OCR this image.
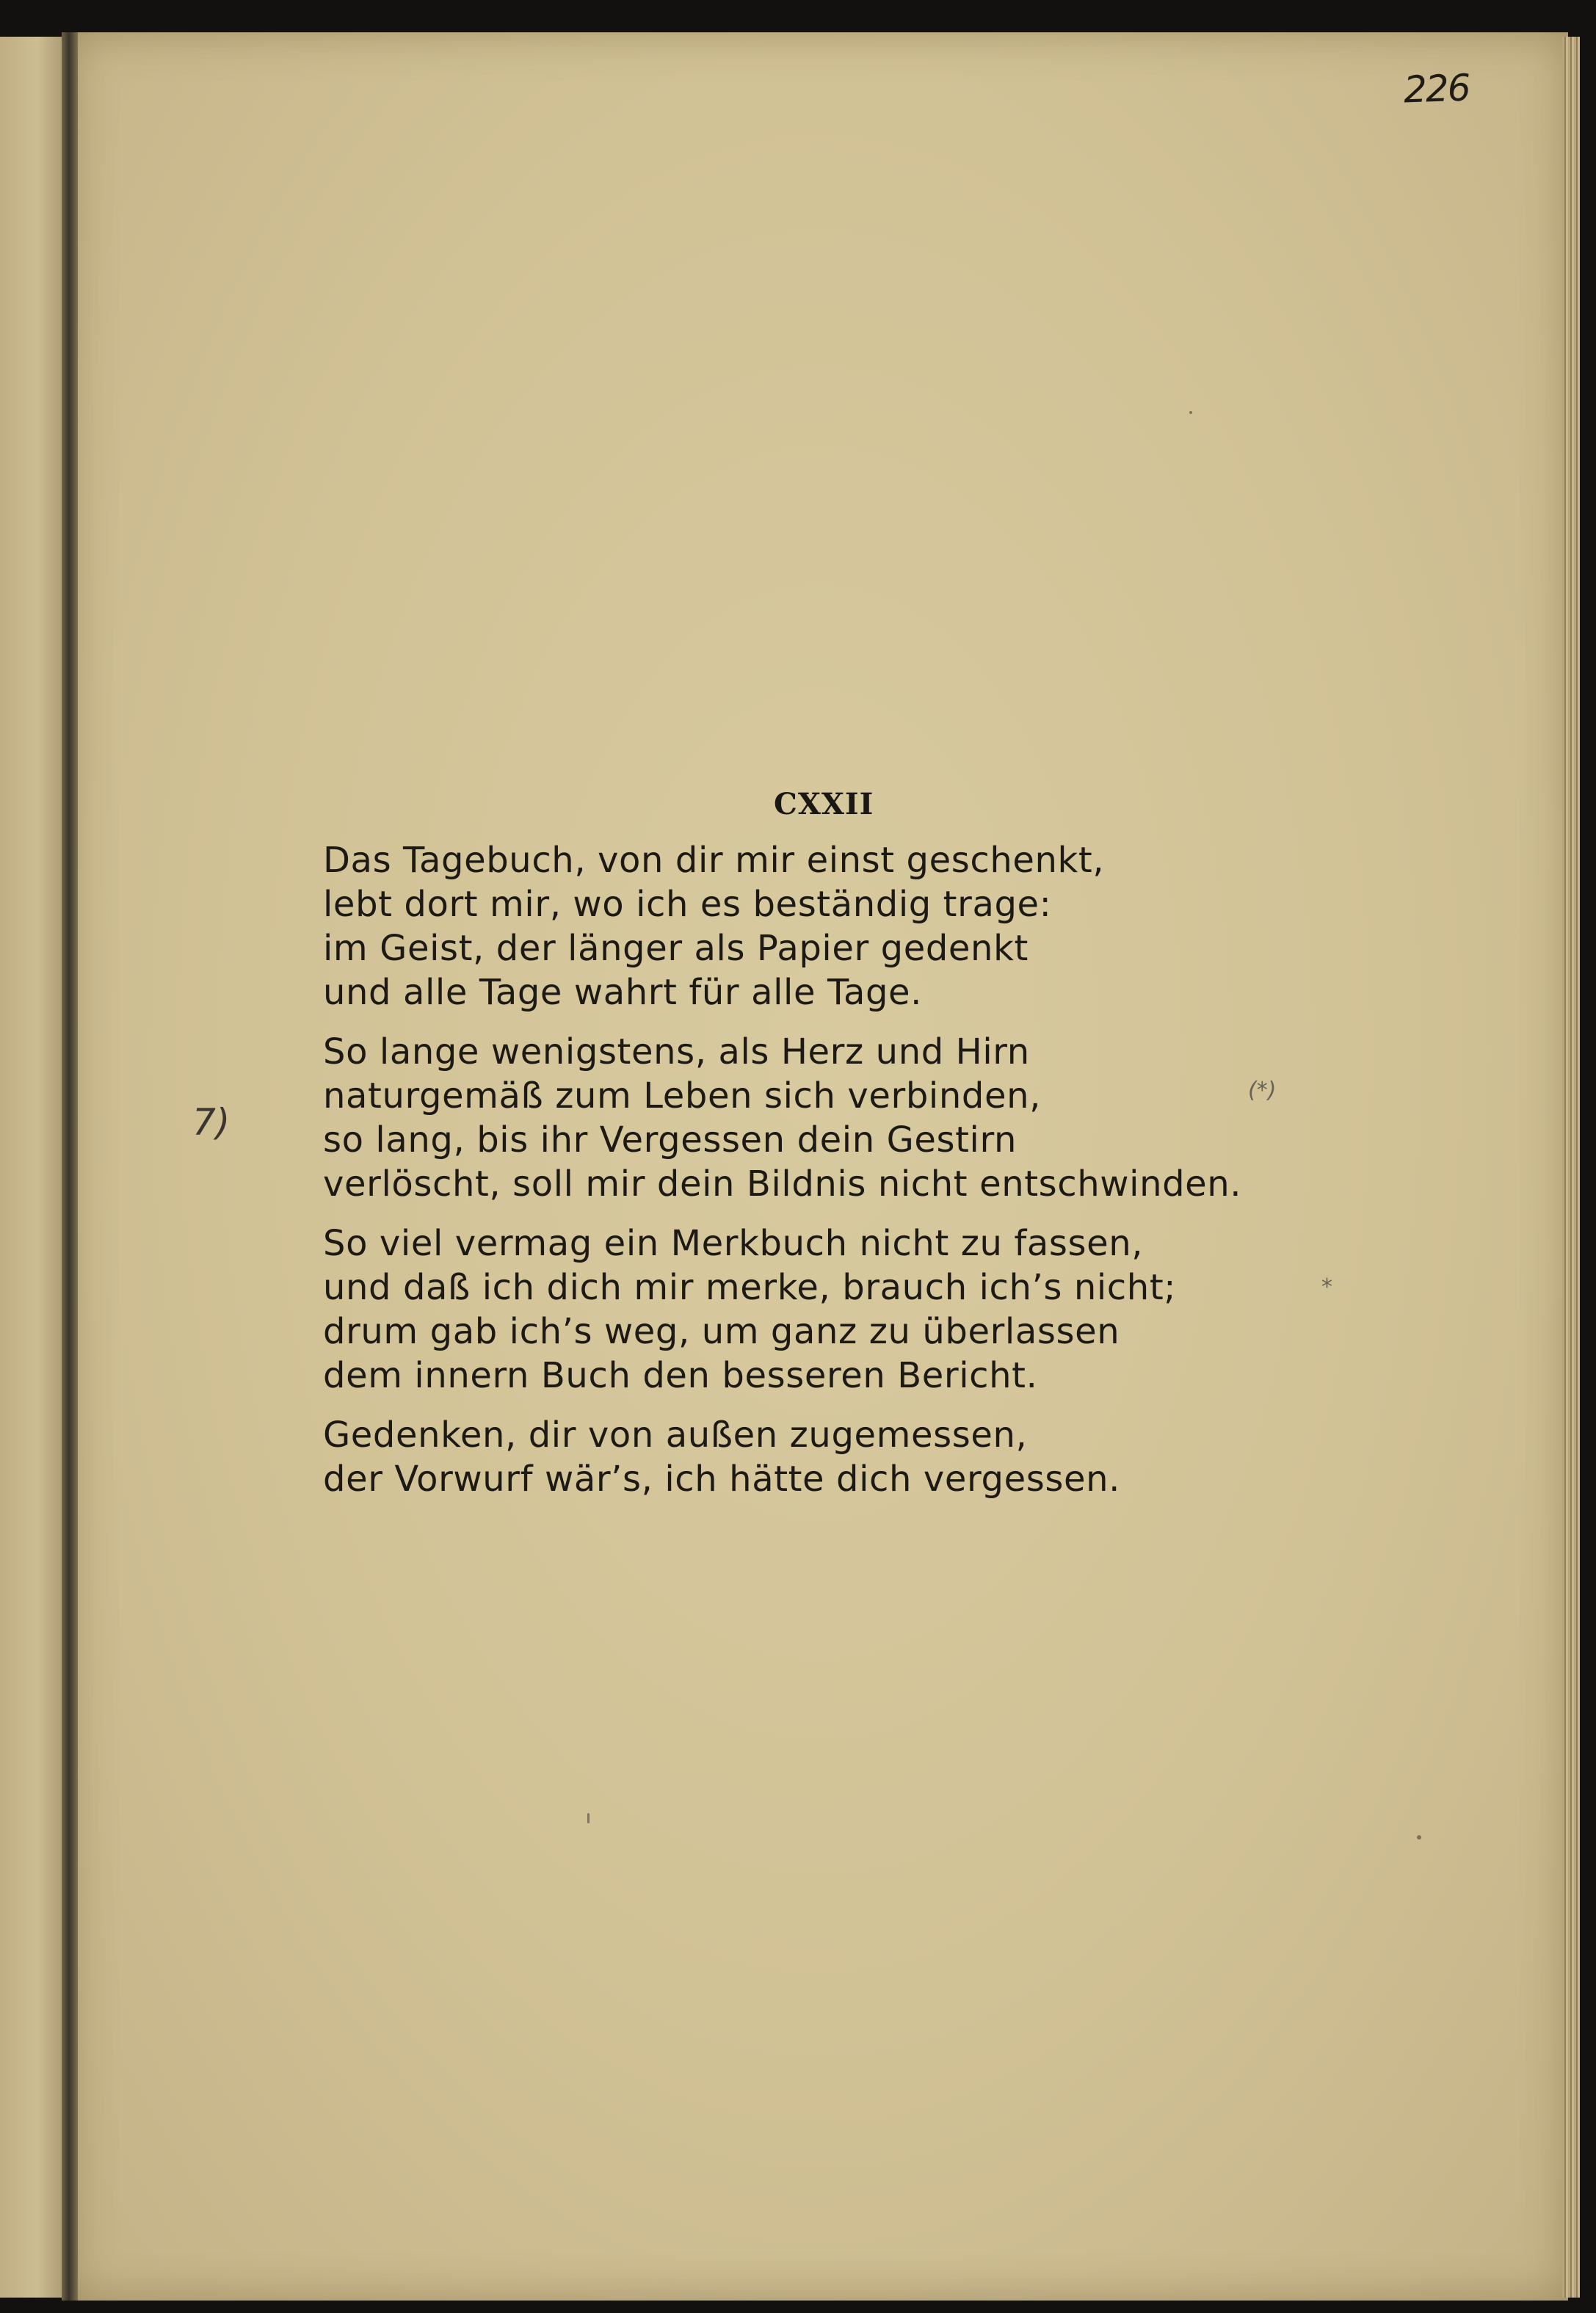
226
CXXII
Das Tagebuch, von dir mir einst geschenkt,
lebt dort mir, wo ich es beständig trage:
im Geist, der länger als Papier gedenkt
und alle Tage wahrt für alle Tage.
So lange wenigstens, als Herz und Hirn
naturgemäß zum Leben sich verbinden,
so lang, bis ihr Vergessen dein Gestirn
verlöscht, soll mir dein Bildnis nicht entschwinden.
So viel vermag ein Merkbuch nicht zu fassen,
und daß ich dich mir merke, brauch ich’s nicht;
drum gab ich’s weg, um ganz zu überlassen
dem innern Buch den besseren Bericht.
Gedenken, dir von außen zugemessen,
der Vorwurf wär’s, ich hätte dich vergessen.
7)
(*)
*
